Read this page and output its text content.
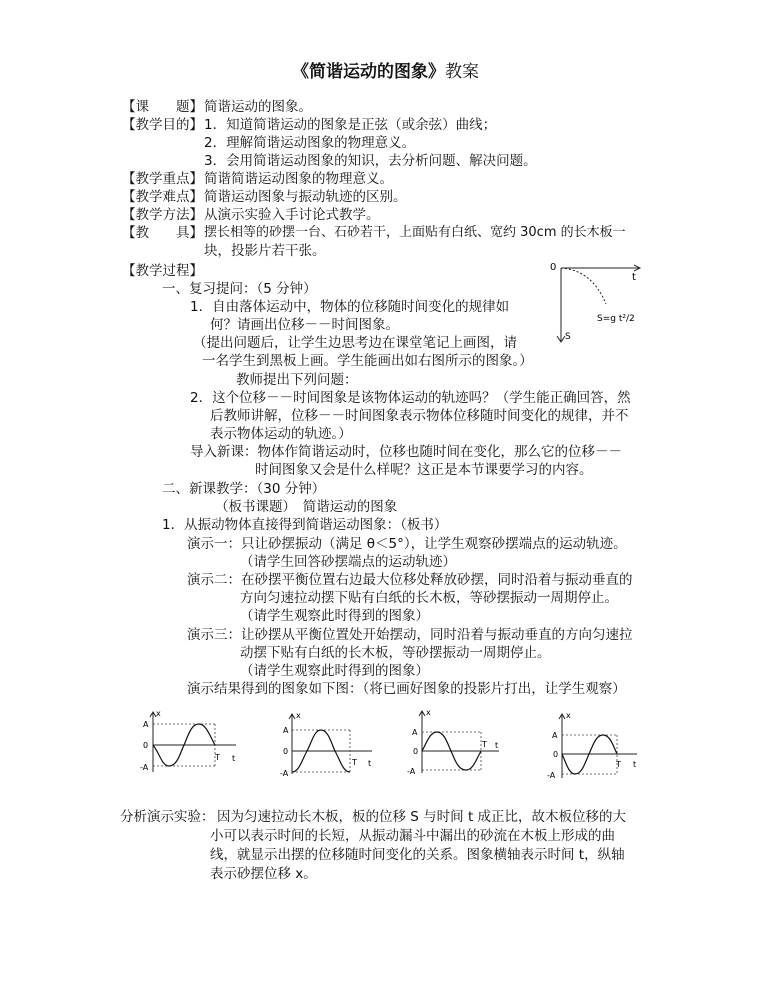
《简谐运动的图象》教案
【课　　题】 简谐运动的图象。
【教学目的】 1．知道简谐运动的图象是正弦（或余弦）曲线；
2．理解简谐运动图象的物理意义。
3．会用简谐运动图象的知识，去分析问题、解决问题。
【教学重点】 简谐简谐运动图象的物理意义。
【教学难点】 简谐运动图象与振动轨迹的区别。
【教学方法】 从演示实验入手讨论式教学。
【教　　具】 摆长相等的砂摆一台、石砂若干，上面贴有白纸、宽约 30cm 的长木板一
块，投影片若干张。
【教学过程】
一、复习提问：（5 分钟）
1．自由落体运动中，物体的位移随时间变化的规律如
何？请画出位移－－时间图象。
（提出问题后，让学生边思考边在课堂笔记上画图，请
一名学生到黑板上画。学生能画出如右图所示的图象。）
教师提出下列问题：
2．这个位移－－时间图象是该物体运动的轨迹吗？（学生能正确回答，然
后教师讲解，位移－－时间图象表示物体位移随时间变化的规律，并不
表示物体运动的轨迹。）
导入新课：物体作简谐运动时，位移也随时间在变化，那么它的位移－－
时间图象又会是什么样呢？这正是本节课要学习的内容。
二、新课教学：（30 分钟）
（板书课题）　简谐运动的图象
1．从振动物体直接得到简谐运动图象：（板书）
演示一：只让砂摆振动（满足 θ＜5°），让学生观察砂摆端点的运动轨迹。
（请学生回答砂摆端点的运动轨迹）
演示二：在砂摆平衡位置右边最大位移处释放砂摆，同时沿着与振动垂直的
方向匀速拉动摆下贴有白纸的长木板，等砂摆振动一周期停止。
（请学生观察此时得到的图象）
演示三：让砂摆从平衡位置处开始摆动，同时沿着与振动垂直的方向匀速拉
动摆下贴有白纸的长木板，等砂摆振动一周期停止。
（请学生观察此时得到的图象）
演示结果得到的图象如下图：（将已画好图象的投影片打出，让学生观察）
分析演示实验： 因为匀速拉动长木板，板的位移 S 与时间 t 成正比，故木板位移的大
小可以表示时间的长短，从振动漏斗中漏出的砂流在木板上形成的曲
线，就显示出摆的位移随时间变化的关系。图象横轴表示时间 t，纵轴
表示砂摆位移 x。
0
t
S
S=g t²/2
x
A
0
-A
T t
x
A
0
-A
T t
x
A
0
-A
T t
x
A
0
-A
T t
